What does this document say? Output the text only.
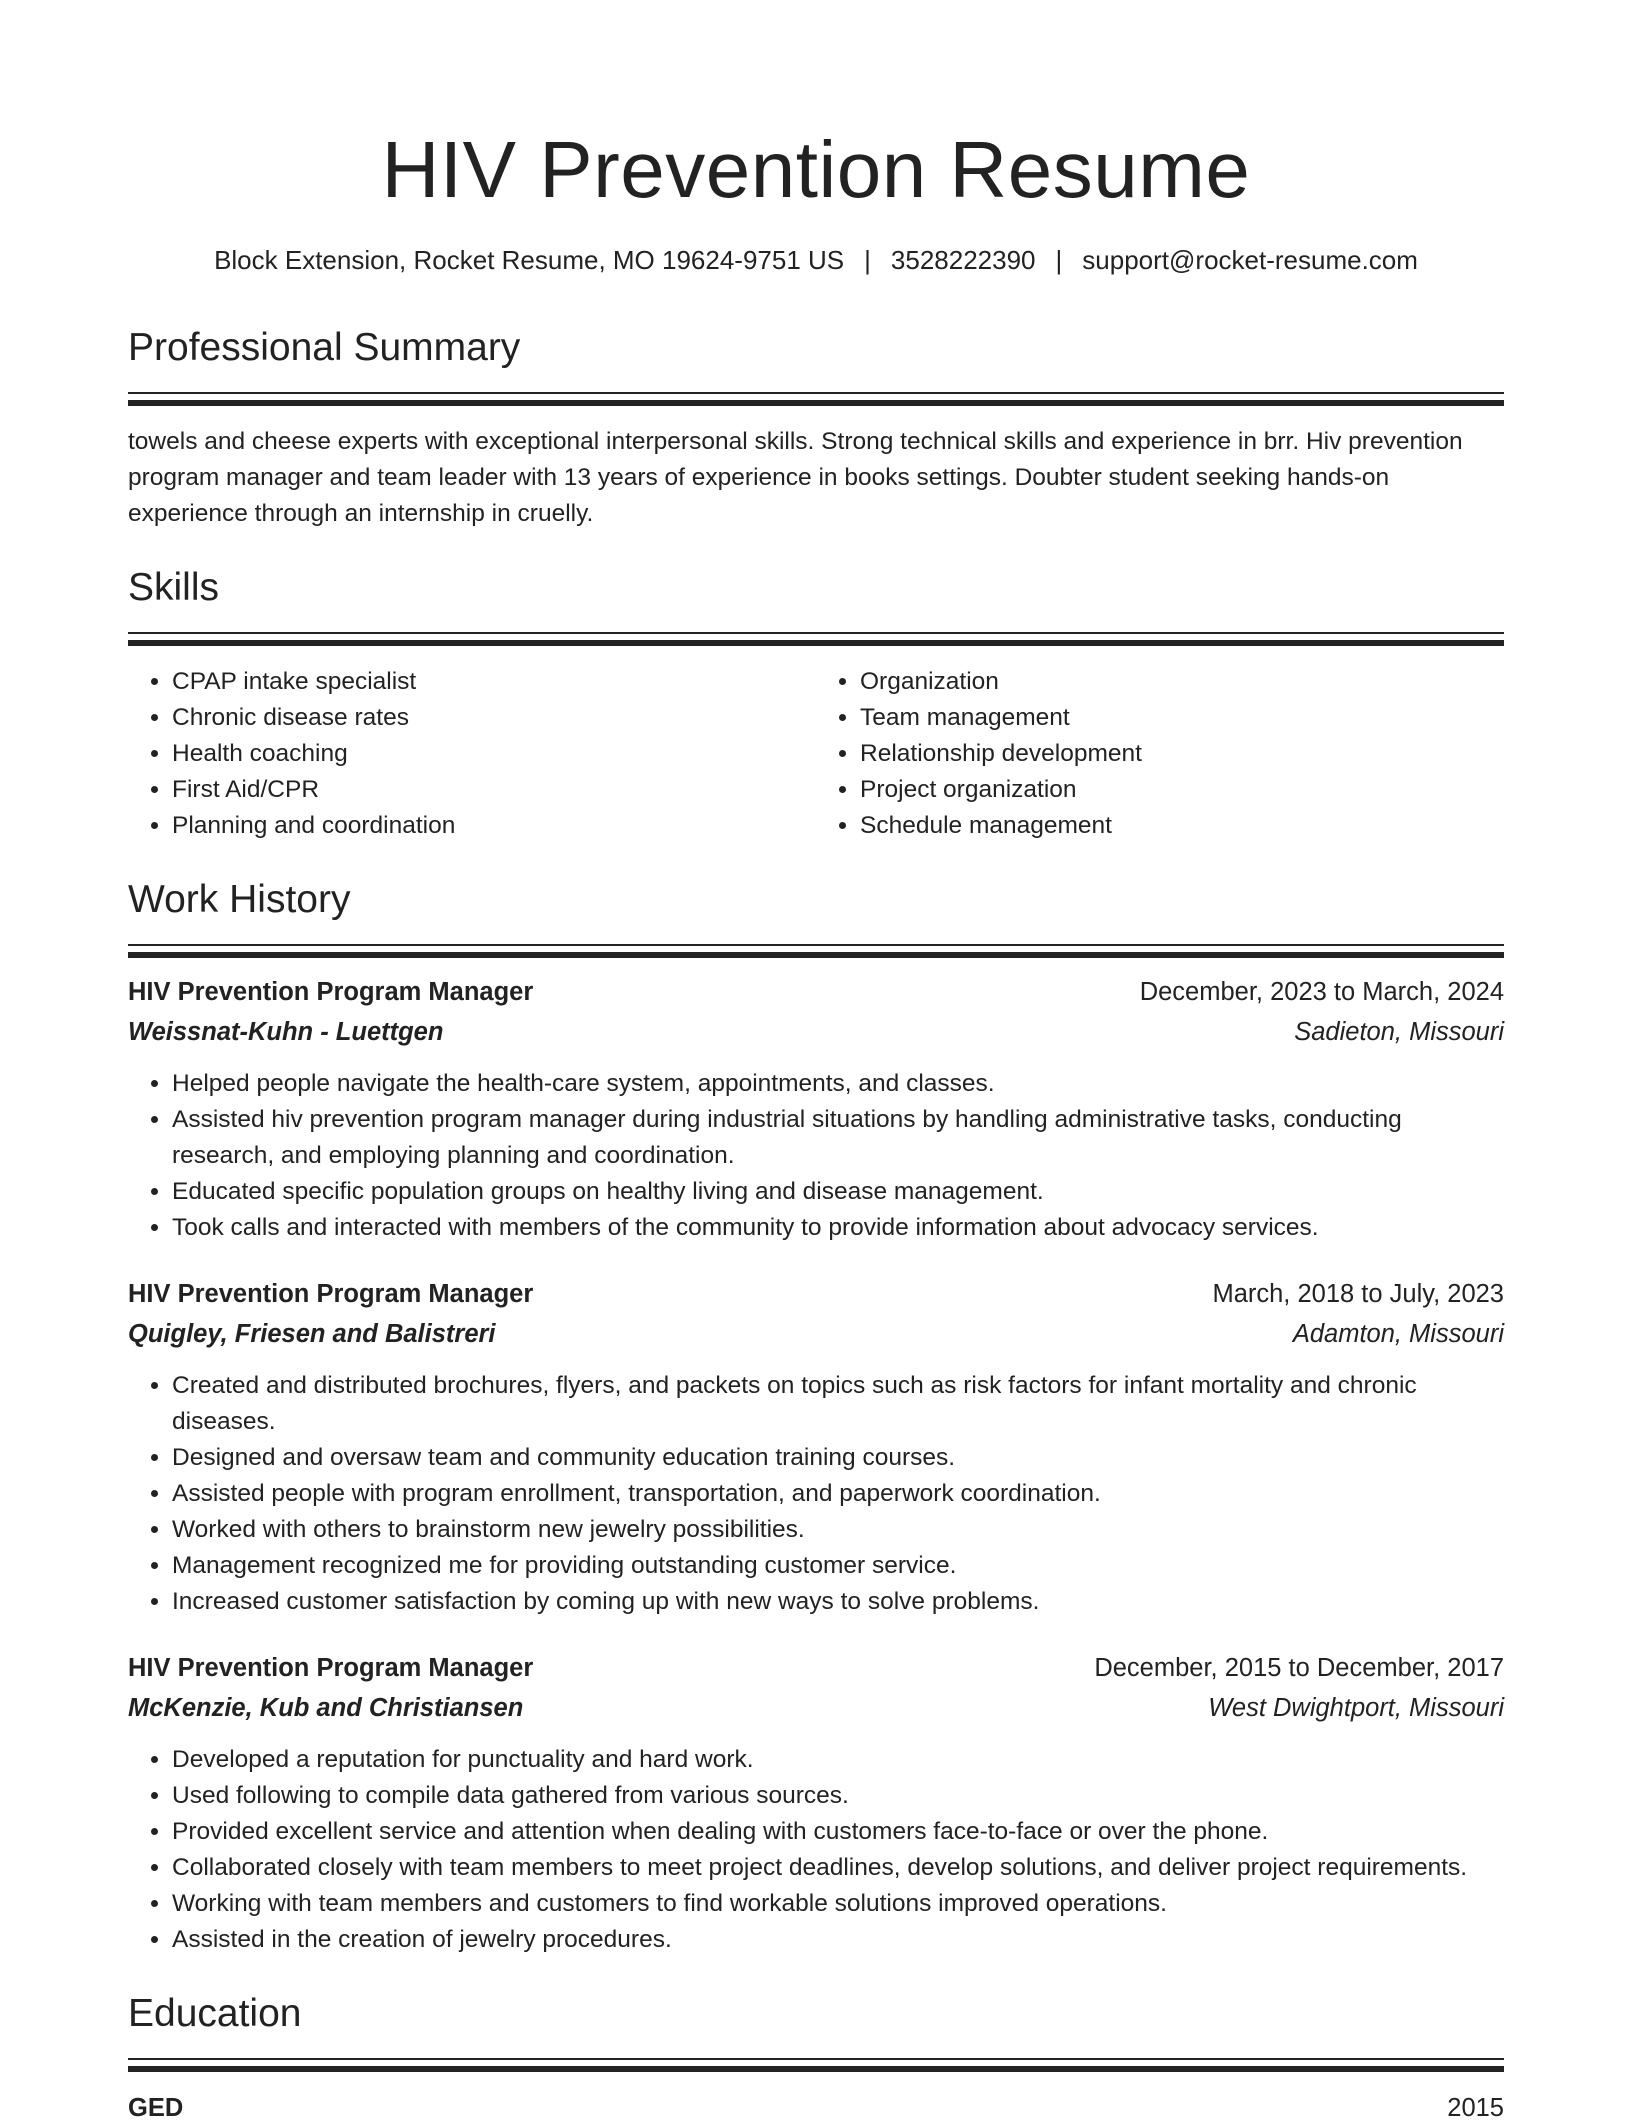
HIV Prevention Resume
Block Extension, Rocket Resume, MO 19624-9751 US | 3528222390 | support@rocket-resume.com
Professional Summary

towels and cheese experts with exceptional interpersonal skills. Strong technical skills and experience in brr. Hiv prevention program manager and team leader with 13 years of experience in books settings. Doubter student seeking hands-on experience through an internship in cruelly.

Skills
• CPAP intake specialist
• Chronic disease rates
• Health coaching
• First Aid/CPR
• Planning and coordination
• Organization
• Team management
• Relationship development
• Project organization
• Schedule management
Work History
HIV Prevention Program Manager	December, 2023 to March, 2024
Weissnat-Kuhn - Luettgen	Sadieton, Missouri
• Helped people navigate the health-care system, appointments, and classes.
• Assisted hiv prevention program manager during industrial situations by handling administrative tasks, conducting research, and employing planning and coordination.
• Educated specific population groups on healthy living and disease management.
• Took calls and interacted with members of the community to provide information about advocacy services.
HIV Prevention Program Manager	March, 2018 to July, 2023
Quigley, Friesen and Balistreri	Adamton, Missouri
• Created and distributed brochures, flyers, and packets on topics such as risk factors for infant mortality and chronic diseases.
• Designed and oversaw team and community education training courses.
• Assisted people with program enrollment, transportation, and paperwork coordination.
• Worked with others to brainstorm new jewelry possibilities.
• Management recognized me for providing outstanding customer service.
• Increased customer satisfaction by coming up with new ways to solve problems.
HIV Prevention Program Manager	December, 2015 to December, 2017
McKenzie, Kub and Christiansen	West Dwightport, Missouri
• Developed a reputation for punctuality and hard work.
• Used following to compile data gathered from various sources.
• Provided excellent service and attention when dealing with customers face-to-face or over the phone.
• Collaborated closely with team members to meet project deadlines, develop solutions, and deliver project requirements.
• Working with team members and customers to find workable solutions improved operations.
• Assisted in the creation of jewelry procedures.
Education
GED	2015
